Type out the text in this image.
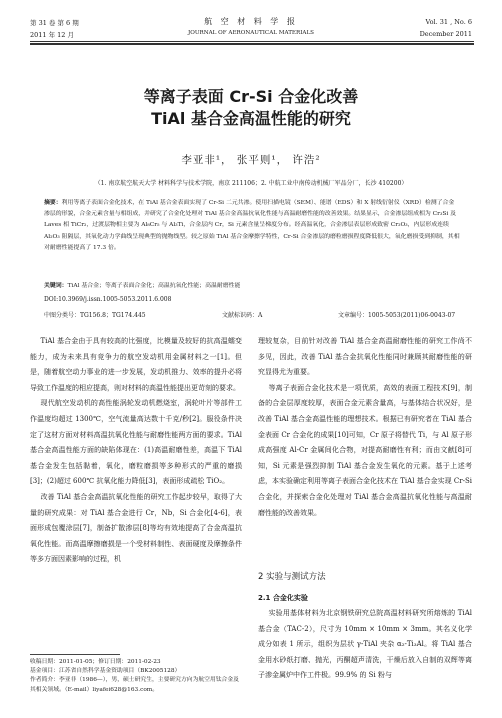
第 31 卷 第 6 期
2011 年 12 月
航 空 材 料 学 报
JOURNAL OF AERONAUTICAL MATERIALS
Vol. 31 , No. 6
December 2011
等离子表面 Cr-Si 合金化改善
TiAl 基合金高温性能的研究
李亚非¹， 张平则¹， 许浩²
（1. 南京航空航天大学 材料科学与技术学院，南京 211106；2. 中航工业中南传动机械厂军品分厂，长沙 410200）
摘要：利用等离子表面合金化技术，在 TiAl 基合金表面实现了 Cr-Si 二元共渗。使用扫描电镜（SEM）、能谱（EDS）和 X 射线衍射仪（XRD）检测了合金渗层的形貌，合金元素含量与相组成，并研究了合金化处理对 TiAl 基合金高温抗氧化性能与高温耐磨性能的改善效果。结果显示，合金渗层组成相为 Cr₃Si 及 Laves 相 TiCr₂，过渡层物相主要为 Al₈Cr₅ 与 Al₃Ti，合金层内 Cr，Si 元素含量呈梯度分布。经高温氧化，合金渗层表层形成致密 Cr₂O₃，内层形成连续 Al₂O₃ 阻隔层，其氧化动力学曲线呈现典型的抛物线型。较之原始 TiAl 基合金摩擦学特性，Cr-Si 合金渗层的磨粒磨损程度降低很大，氧化磨损受到抑制，其相对耐磨性能提高了 17.3 倍。
关键词：TiAl 基合金；等离子表面合金化；高温抗氧化性能；高温耐磨性能
DOI:10.3969/j.issn.1005-5053.2011.6.008
中图分类号：TG156.8；TG174.445	文献标识码：A	文章编号：1005-5053(2011)06-0043-07

TiAl 基合金由于具有较高的比强度，比模量及较好的抗高温蠕变能力，成为未来具有竞争力的航空发动机用金属材料之一[1]。但是，随着航空动力事业的进一步发展，发动机推力、效率的提升必将导致工作温度的相应提高，则对材料的高温性能提出更苛刻的要求。

现代航空发动机的高性能涡轮发动机燃烧室，涡轮叶片等部件工作温度均超过 1300℃，空气流量高达数十千克/秒[2]。服役条件决定了这材方面对材料高温抗氧化性能与耐磨性能两方面的要求。TiAl 基合金高温性能方面的缺陷体现在：(1)高温耐磨性差，高温下 TiAl 基合金发生包括黏着，氧化，磨粒磨损等多种形式的严重的磨损[3]；(2)超过 600℃ 抗氧化能力降低[3]，表面形成疏松 TiO₂。

改善 TiAl 基合金高温抗氧化性能的研究工作起步较早，取得了大量的研究成果：对 TiAl 基合金进行 Cr，Nb，Si 合金化[4-6]，表面形成包覆涂层[7]，制备扩散渗层[8]等均有效地提高了合金高温抗氧化性能。而高温摩擦磨损是一个受材料制性、表面硬度及摩擦条件等多方面因素影响的过程，机

收稿日期：2011-01-05；修订日期：2011-02-23
基金项目：江苏省自然科学基金资助项目（BK2005128）
作者简介：李亚非（1986—），男，硕士研究生，主要研究方向为航空用钛合金及其相关领域。（E-mail）liyafei628@163.com。

理较复杂，目前针对改善 TiAl 基合金高温耐磨性能的研究工作尚不多见，因此，改善 TiAl 基合金抗氧化性能同时兼顾其耐磨性能的研究显得尤为重要。

等离子表面合金化技术是一项优质，高效的表面工程技术[9]，制备的合金层厚度较厚，表面合金元素含量高，与基体结合状况好，是改善 TiAl 基合金高温性能的理想技术。根据已有研究者在 TiAl 基合金表面 Cr 合金化的成果[10]可知，Cr 原子将替代 Ti，与 Al 原子形成高强度 Al-Cr 金属间化合物，对提高耐磨性有利；而由文献[8]可知，Si 元素是强烈抑制 TiAl 基合金发生氧化的元素。基于上述考虑，本实验确定利用等离子表面合金化技术在 TiAl 基合金实现 Cr-Si 合金化，并探索合金化处理对 TiAl 基合金高温抗氧化性能与高温耐磨性能的改善效果。

2 实验与测试方法
2.1 合金化实验

实验用基体材料为北京钢铁研究总院高温材料研究所熔炼的 TiAl 基合金（TAC-2），尺寸为 10mm × 10mm × 3mm。其名义化学成分如表 1 所示，组织为层状 γ-TiAl 夹杂 α₂-Ti₃Al。将 TiAl 基合金用水砂纸打磨、抛光，丙酮超声清洗，干燥后放入自制的双辉等离子渗金属炉中作工件极。99.9% 的 Si 粉与
